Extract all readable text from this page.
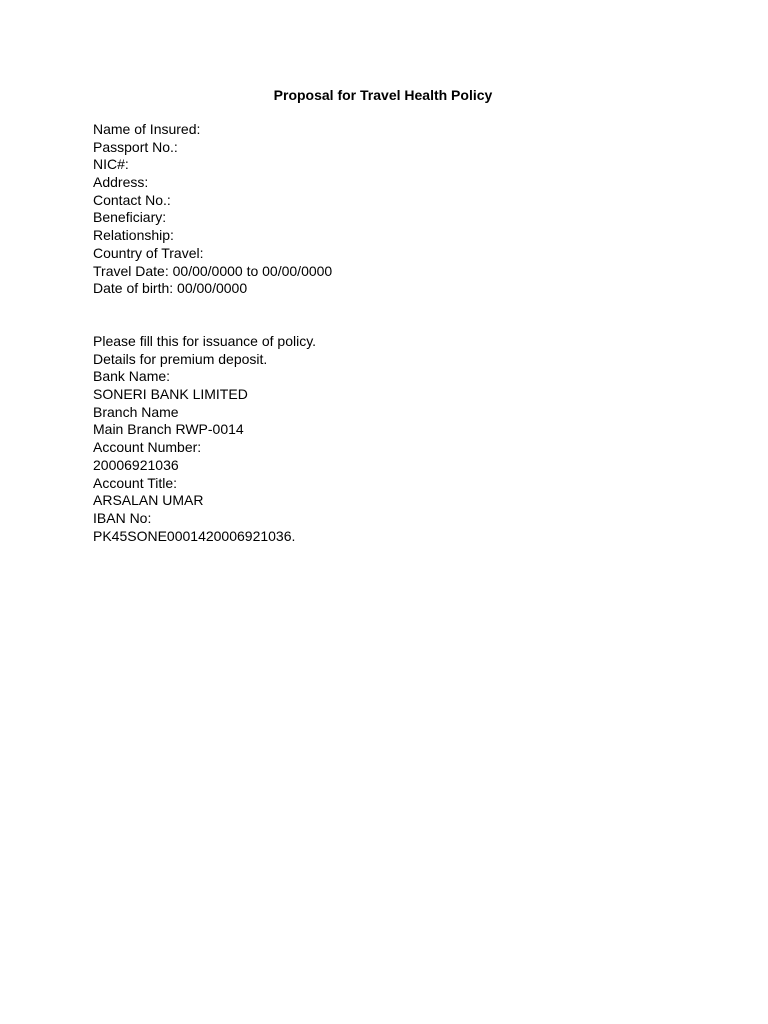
Proposal for Travel Health Policy
Name of Insured:
Passport No.:
NIC#:
Address:
Contact No.:
Beneficiary:
Relationship:
Country of Travel:
Travel Date: 00/00/0000 to 00/00/0000
Date of birth: 00/00/0000
Please fill this for issuance of policy.
Details for premium deposit.
Bank Name:
SONERI BANK LIMITED
Branch Name
Main Branch RWP-0014
Account Number:
20006921036
Account Title:
ARSALAN UMAR
IBAN No:
PK45SONE0001420006921036.
